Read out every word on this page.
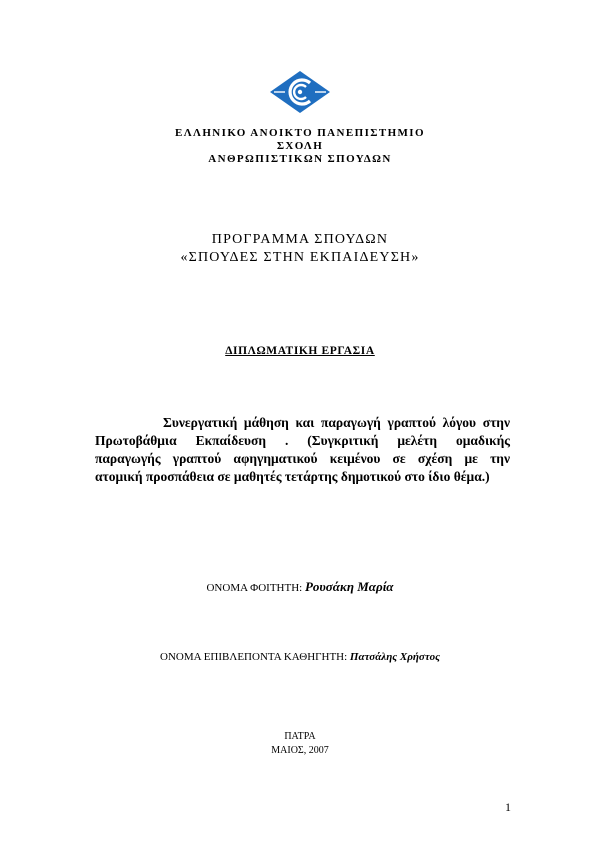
ΕΛΛΗΝΙΚΟ ΑΝΟΙΚΤΟ ΠΑΝΕΠΙΣΤΗΜΙΟ
ΣΧΟΛΗ
ΑΝΘΡΩΠΙΣΤΙΚΩΝ ΣΠΟΥΔΩΝ
ΠΡΟΓΡΑΜΜΑ ΣΠΟΥΔΩΝ
«ΣΠΟΥΔΕΣ ΣΤΗΝ ΕΚΠΑΙΔΕΥΣΗ»
ΔΙΠΛΩΜΑΤΙΚΗ ΕΡΓΑΣΙΑ
Συνεργατική μάθηση και παραγωγή γραπτού λόγου στην
Πρωτοβάθμια Εκπαίδευση . (Συγκριτική μελέτη ομαδικής
παραγωγής γραπτού αφηγηματικού κειμένου σε σχέση με την
ατομική προσπάθεια σε μαθητές τετάρτης δημοτικού στο ίδιο θέμα.)
ΟΝΟΜΑ ΦΟΙΤΗΤΗ: Ρουσάκη Μαρία
ΟΝΟΜΑ ΕΠΙΒΛΕΠΟΝΤΑ ΚΑΘΗΓΗΤΗ: Πατσάλης Χρήστος
ΠΑΤΡΑ
ΜΑΙΟΣ, 2007
1
